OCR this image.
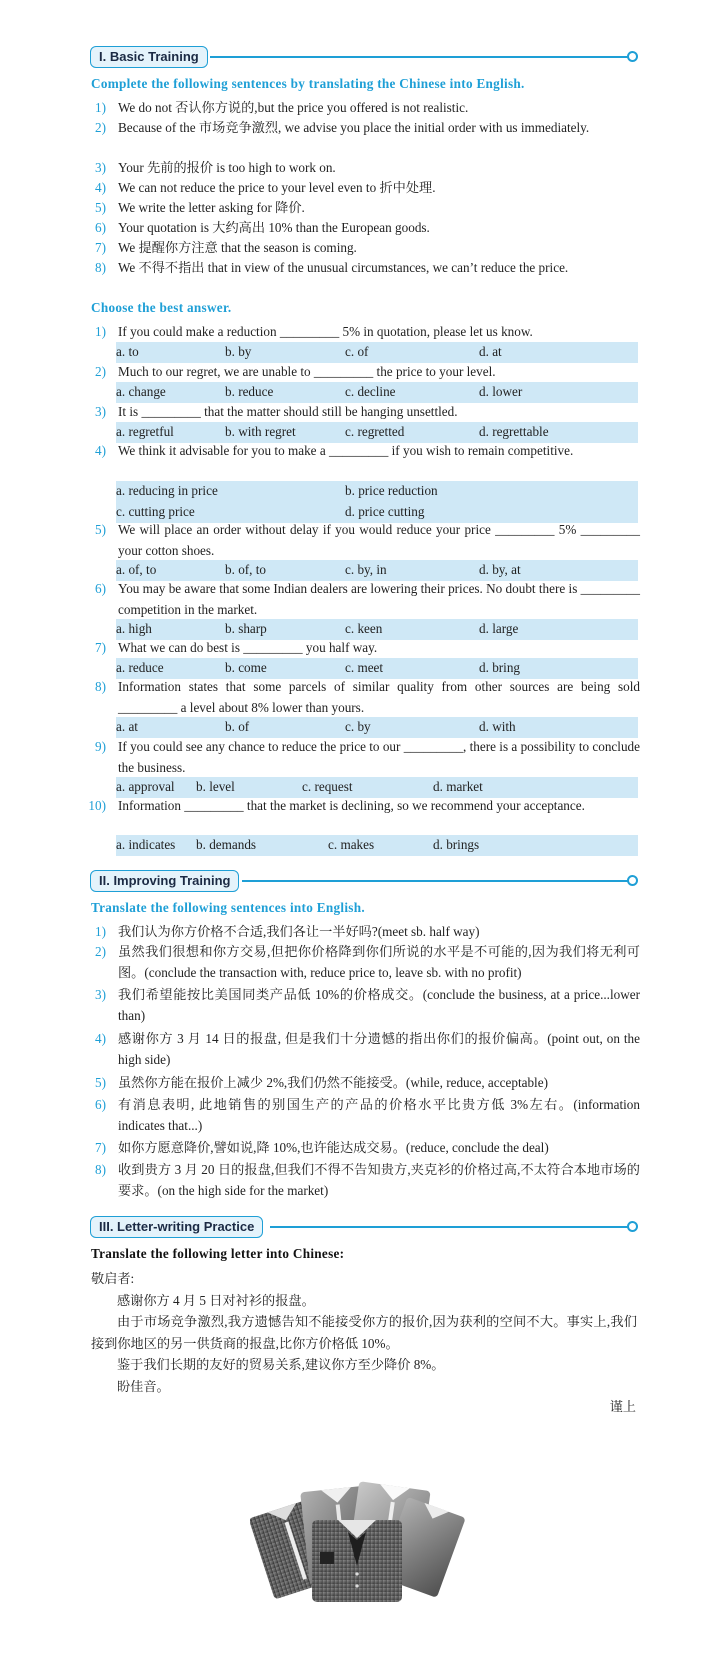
I. Basic Training
Complete the following sentences by translating the Chinese into English.
1) We do not 否认你方说的,but the price you offered is not realistic.
2) Because of the 市场竞争激烈, we advise you place the initial order with us immediately.
3) Your 先前的报价 is too high to work on.
4) We can not reduce the price to your level even to 折中处理.
5) We write the letter asking for 降价.
6) Your quotation is 大约高出 10% than the European goods.
7) We 提醒你方注意 that the season is coming.
8) We 不得不指出 that in view of the unusual circumstances, we can’t reduce the price.
Choose the best answer.
1) If you could make a reduction _________ 5% in quotation, please let us know.
a. to	b. by	c. of	d. at
2) Much to our regret, we are unable to _________ the price to your level.
a. change	b. reduce	c. decline	d. lower
3) It is _________ that the matter should still be hanging unsettled.
a. regretful	b. with regret	c. regretted	d. regrettable
4) We think it advisable for you to make a _________ if you wish to remain competitive.
a. reducing in price	b. price reduction
c. cutting price	d. price cutting
5) We will place an order without delay if you would reduce your price _________ 5% _________ your cotton shoes.
a. of, to	b. of, to	c. by, in	d. by, at
6) You may be aware that some Indian dealers are lowering their prices. No doubt there is _________ competition in the market.
a. high	b. sharp	c. keen	d. large
7) What we can do best is _________ you half way.
a. reduce	b. come	c. meet	d. bring
8) Information states that some parcels of similar quality from other sources are being sold _________ a level about 8% lower than yours.
a. at	b. of	c. by	d. with
9) If you could see any chance to reduce the price to our _________, there is a possibility to conclude the business.
a. approval b. level	c. request	d. market
10) Information _________ that the market is declining, so we recommend your acceptance.
a. indicates b. demands	c. makes	d. brings
II. Improving Training
Translate the following sentences into English.
1) 我们认为你方价格不合适,我们各让一半好吗?(meet sb. half way)
2) 虽然我们很想和你方交易,但把你价格降到你们所说的水平是不可能的,因为我们将无利可图。(conclude the transaction with, reduce price to, leave sb. with no profit)
3) 我们希望能按比美国同类产品低 10%的价格成交。(conclude the business, at a price...lower than)
4) 感谢你方 3 月 14 日的报盘, 但是我们十分遗憾的指出你们的报价偏高。(point out, on the high side)
5) 虽然你方能在报价上减少 2%,我们仍然不能接受。(while, reduce, acceptable)
6) 有消息表明, 此地销售的别国生产的产品的价格水平比贵方低 3%左右。(information indicates that...)
7) 如你方愿意降价,譬如说,降 10%,也许能达成交易。(reduce, conclude the deal)
8) 收到贵方 3 月 20 日的报盘,但我们不得不告知贵方,夹克衫的价格过高,不太符合本地市场的要求。(on the high side for the market)
III. Letter-writing Practice
Translate the following letter into Chinese:
敬启者:
感谢你方 4 月 5 日对衬衫的报盘。
由于市场竞争激烈,我方遗憾告知不能接受你方的报价,因为获利的空间不大。事实上,我们接到你地区的另一供货商的报盘,比你方价格低 10%。
鉴于我们长期的友好的贸易关系,建议你方至少降价 8%。
盼佳音。
谨上
